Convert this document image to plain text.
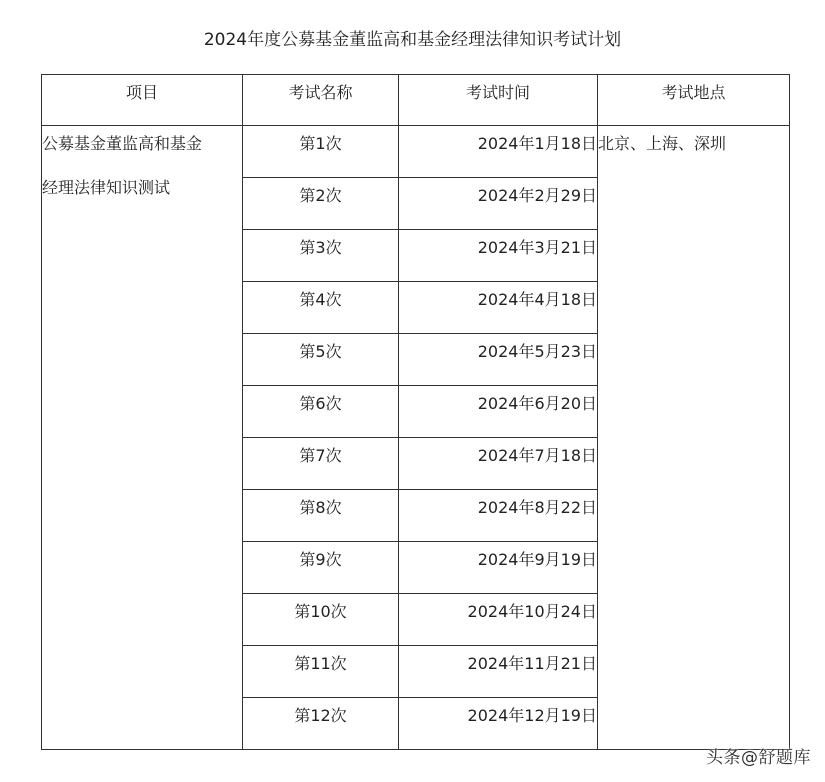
2024年度公募基金董监高和基金经理法律知识考试计划
项目	考试名称	考试时间	考试地点

公募基金董监高和基金
经理法律知识测试	第1次	2024年1月18日	北京、上海、深圳
	第2次	2024年2月29日	
	第3次	2024年3月21日	
	第4次	2024年4月18日	
	第5次	2024年5月23日	
	第6次	2024年6月20日	
	第7次	2024年7月18日	
	第8次	2024年8月22日	
	第9次	2024年9月19日	
	第10次	2024年10月24日	
	第11次	2024年11月21日	
	第12次	2024年12月19日	
头条@舒题库
